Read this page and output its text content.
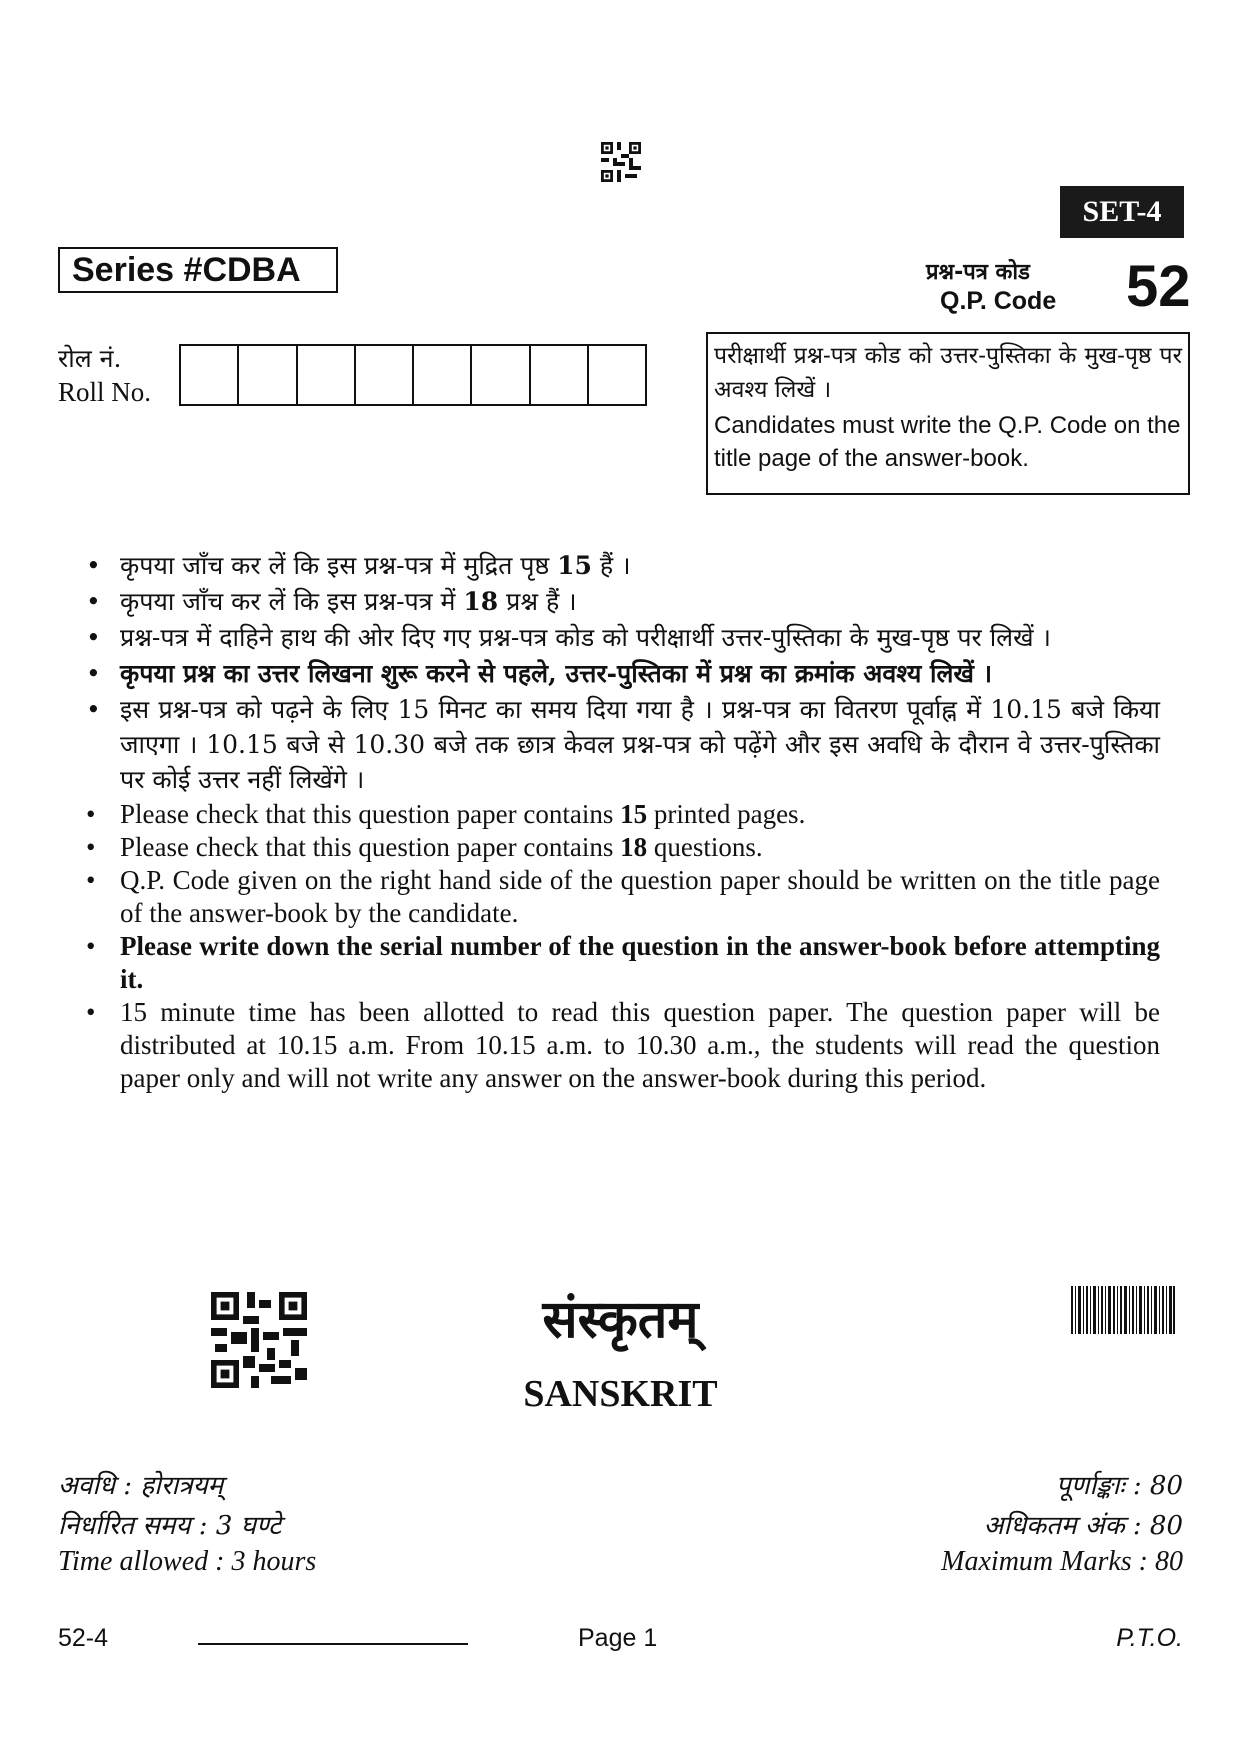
SET-4
Series #CDBA	प्रश्न-पत्र कोड
Q.P. Code 52
रोल नं.
Roll No.
परीक्षार्थी प्रश्न-पत्र कोड को उत्तर-पुस्तिका के मुख-पृष्ठ पर अवश्य लिखें ।
Candidates must write the Q.P. Code on the title page of the answer-book.
• कृपया जाँच कर लें कि इस प्रश्न-पत्र में मुद्रित पृष्ठ 15 हैं ।
• कृपया जाँच कर लें कि इस प्रश्न-पत्र में 18 प्रश्न हैं ।
• प्रश्न-पत्र में दाहिने हाथ की ओर दिए गए प्रश्न-पत्र कोड को परीक्षार्थी उत्तर-पुस्तिका के मुख-पृष्ठ पर लिखें ।
• कृपया प्रश्न का उत्तर लिखना शुरू करने से पहले, उत्तर-पुस्तिका में प्रश्न का क्रमांक अवश्य लिखें ।
• इस प्रश्न-पत्र को पढ़ने के लिए 15 मिनट का समय दिया गया है । प्रश्न-पत्र का वितरण पूर्वाह्न में 10.15 बजे किया जाएगा । 10.15 बजे से 10.30 बजे तक छात्र केवल प्रश्न-पत्र को पढ़ेंगे और इस अवधि के दौरान वे उत्तर-पुस्तिका पर कोई उत्तर नहीं लिखेंगे ।
• Please check that this question paper contains 15 printed pages.
• Please check that this question paper contains 18 questions.
• Q.P. Code given on the right hand side of the question paper should be written on the title page of the answer-book by the candidate.
• Please write down the serial number of the question in the answer-book before attempting it.
• 15 minute time has been allotted to read this question paper. The question paper will be distributed at 10.15 a.m. From 10.15 a.m. to 10.30 a.m., the students will read the question paper only and will not write any answer on the answer-book during this period.
संस्कृतम्
SANSKRIT
अवधि : होरात्रयम्
निर्धारित समय : 3 घण्टे
Time allowed : 3 hours
पूर्णाङ्काः : 80
अधिकतम अंक : 80
Maximum Marks : 80
52-4	Page 1	P.T.O.
